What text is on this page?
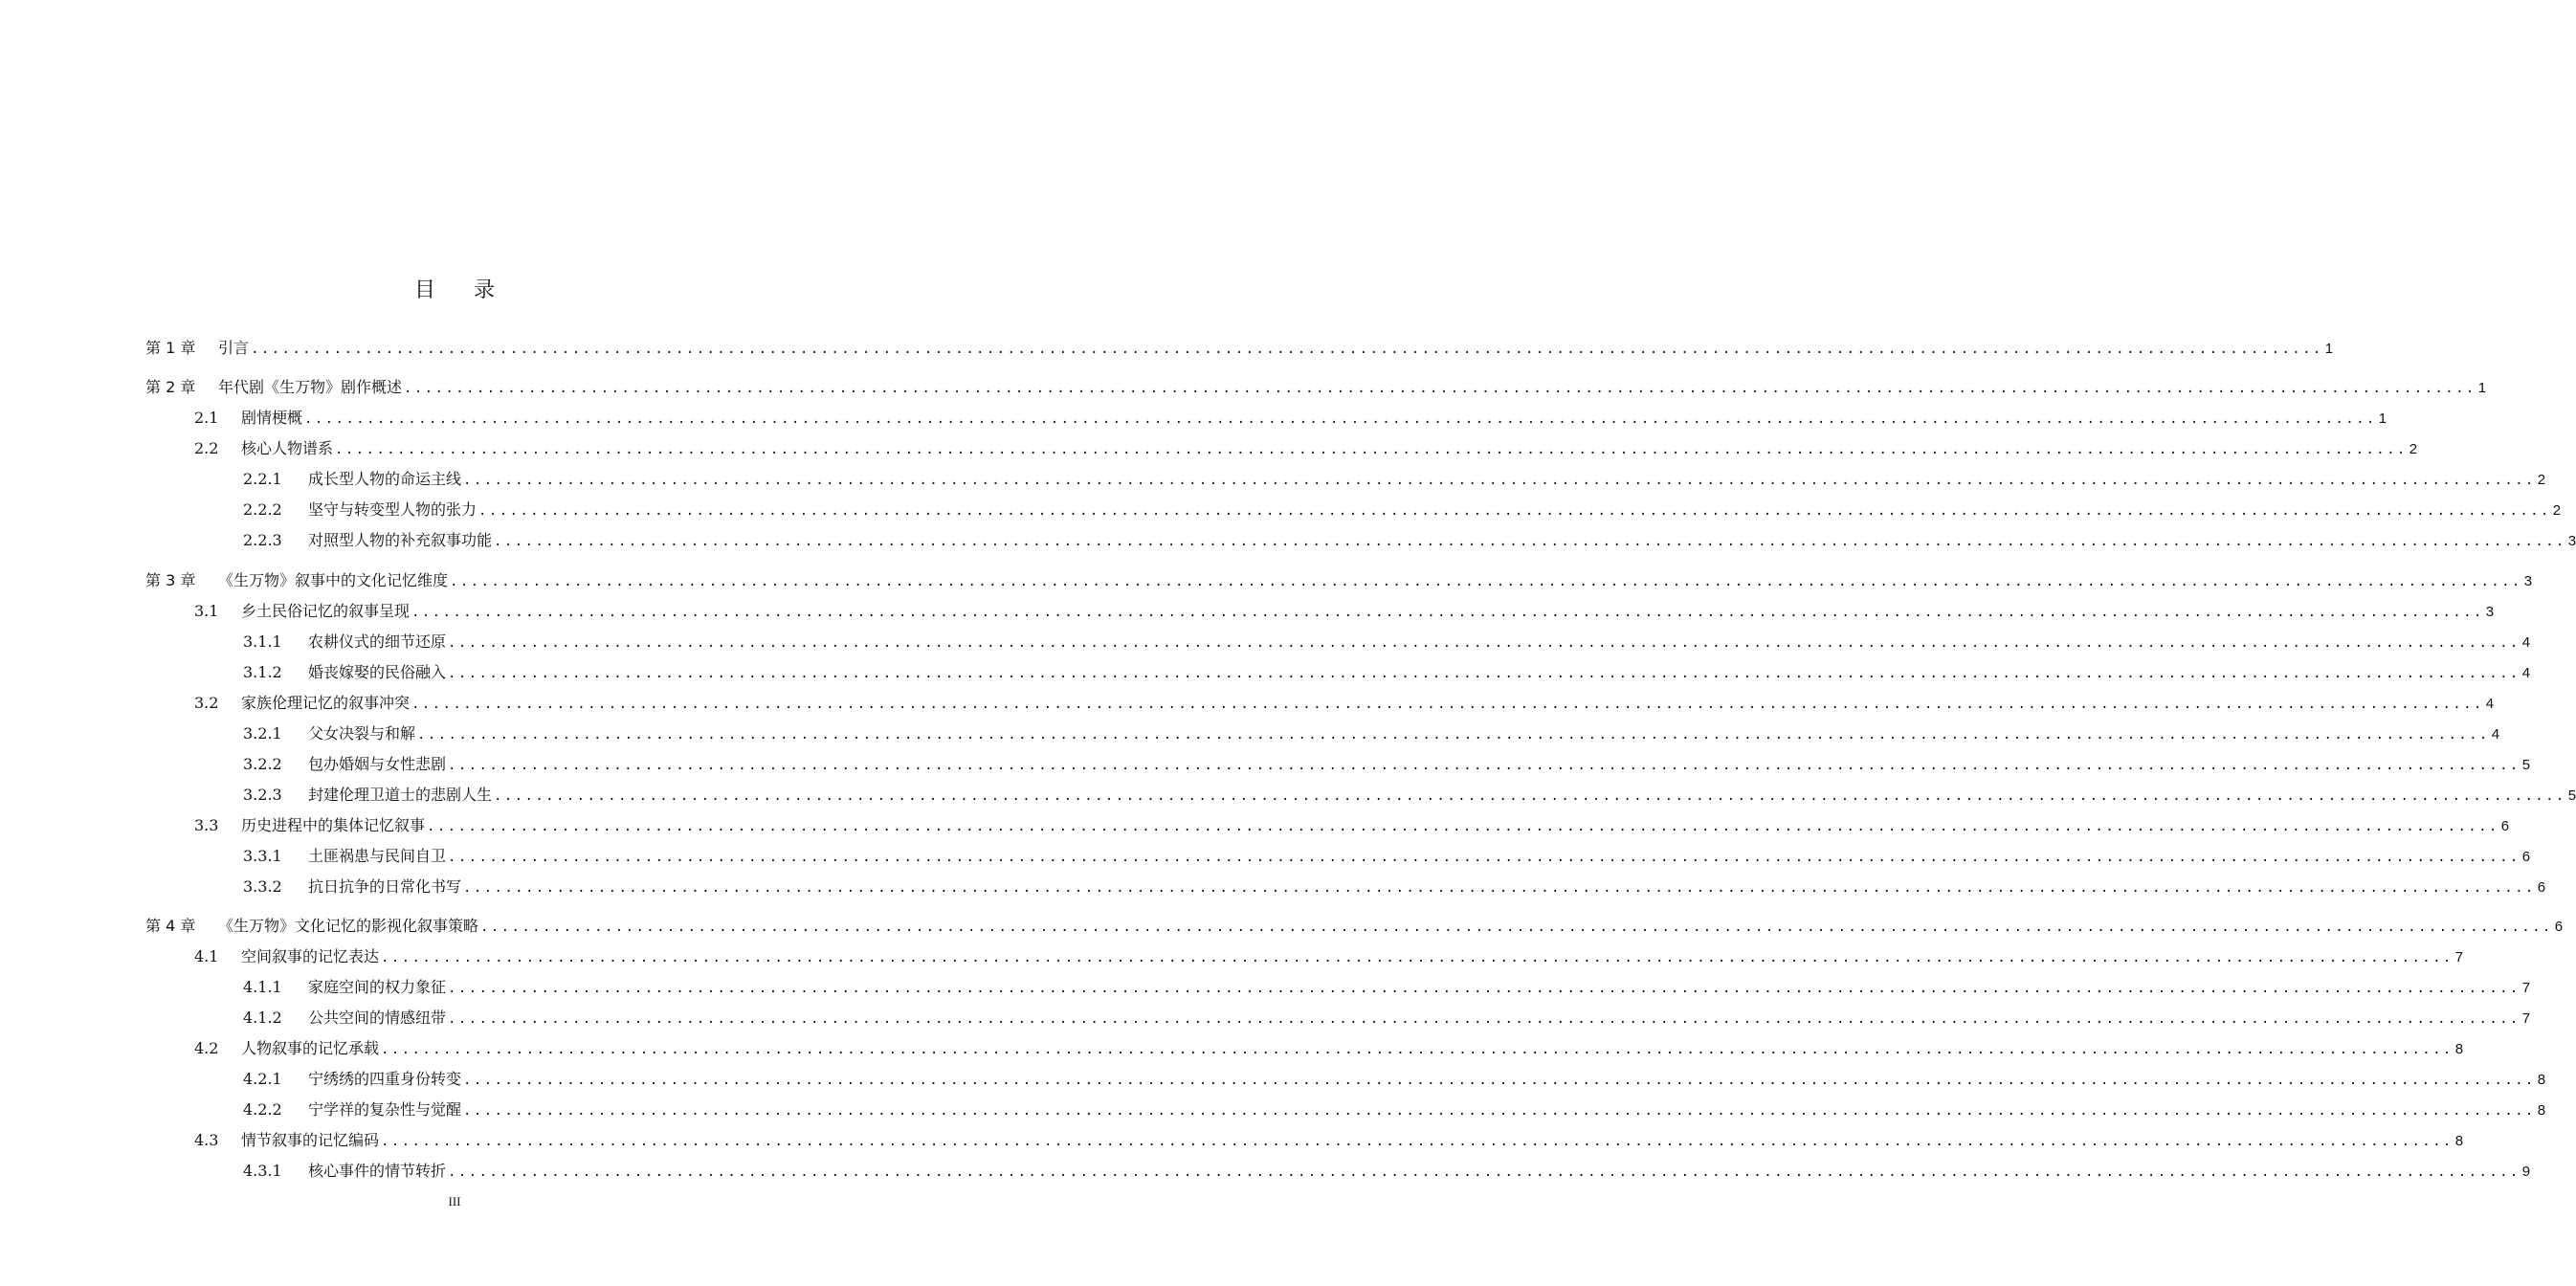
目 录
第 1 章	引言 ........................................................................................................................................................................................................ 1
第 2 章	年代剧《生万物》剧作概述 ........................................................................................................................................................................................................ 1
2.1	剧情梗概 ........................................................................................................................................................................................................ 1
2.2	核心人物谱系 ........................................................................................................................................................................................................ 2
2.2.1	成长型人物的命运主线 ........................................................................................................................................................................................................ 2
2.2.2	坚守与转变型人物的张力 ........................................................................................................................................................................................................ 2
2.2.3	对照型人物的补充叙事功能 ........................................................................................................................................................................................................ 3
第 3 章	《生万物》叙事中的文化记忆维度 ........................................................................................................................................................................................................ 3
3.1	乡土民俗记忆的叙事呈现 ........................................................................................................................................................................................................ 3
3.1.1	农耕仪式的细节还原 ........................................................................................................................................................................................................ 4
3.1.2	婚丧嫁娶的民俗融入 ........................................................................................................................................................................................................ 4
3.2	家族伦理记忆的叙事冲突 ........................................................................................................................................................................................................ 4
3.2.1	父女决裂与和解 ........................................................................................................................................................................................................ 4
3.2.2	包办婚姻与女性悲剧 ........................................................................................................................................................................................................ 5
3.2.3	封建伦理卫道士的悲剧人生 ........................................................................................................................................................................................................ 5
3.3	历史进程中的集体记忆叙事 ........................................................................................................................................................................................................ 6
3.3.1	土匪祸患与民间自卫 ........................................................................................................................................................................................................ 6
3.3.2	抗日抗争的日常化书写 ........................................................................................................................................................................................................ 6
第 4 章	《生万物》文化记忆的影视化叙事策略 ........................................................................................................................................................................................................ 6
4.1	空间叙事的记忆表达 ........................................................................................................................................................................................................ 7
4.1.1	家庭空间的权力象征 ........................................................................................................................................................................................................ 7
4.1.2	公共空间的情感纽带 ........................................................................................................................................................................................................ 7
4.2	人物叙事的记忆承载 ........................................................................................................................................................................................................ 8
4.2.1	宁绣绣的四重身份转变 ........................................................................................................................................................................................................ 8
4.2.2	宁学祥的复杂性与觉醒 ........................................................................................................................................................................................................ 8
4.3	情节叙事的记忆编码 ........................................................................................................................................................................................................ 8
4.3.1	核心事件的情节转折 ........................................................................................................................................................................................................ 9
III
